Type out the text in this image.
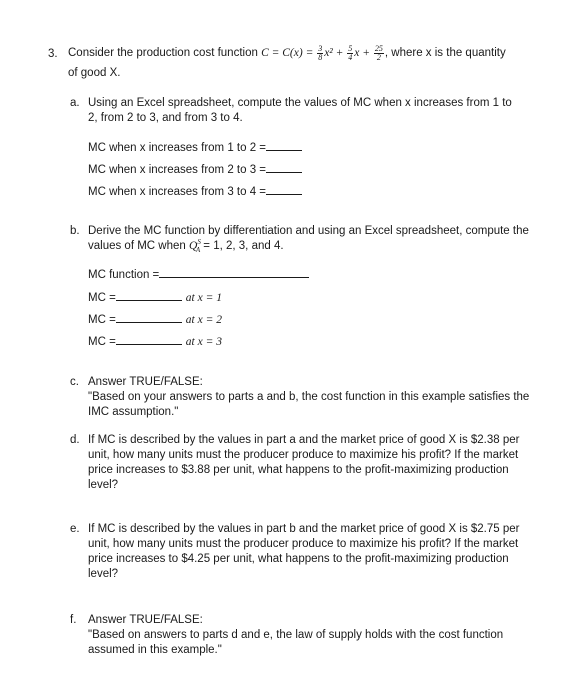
3. Consider the production cost function
$C = C(x) = \frac{3}{8} x^2 + \frac{5}{4}$ $x + \frac{25}{2}$ , where x is the quantity
of good X.
a. Using an Excel spreadsheet, compute the values of MC when x increases from 1 to 2, from 2 to 3, and from 3 to 4.
MC when x increases from 1 to 2 =
MC when x increases from 2 to 3 =
MC when x increases from 3 to 4 =
b. Derive the MC function by differentiation and using an Excel spreadsheet, compute the
values of MC when
$Q^S_A$
= 1, 2, 3, and 4.
MC function =
MC =	at x = 1
MC =	at x = 2
MC =	at x = 3
c. Answer TRUE/FALSE:
"Based on your answers to parts a and b, the cost function in this example satisfies the
IMC assumption."
d. If MC is described by the values in part a and the market price of good X is $2.38 per
unit, how many units must the producer produce to maximize his profit? If the market
price increases to $3.88 per unit, what happens to the profit-maximizing production
level?
e. If MC is described by the values in part b and the market price of good X is $2.75 per
unit, how many units must the producer produce to maximize his profit? If the market
price increases to $4.25 per unit, what happens to the profit-maximizing production
level?
f. Answer TRUE/FALSE:
"Based on answers to parts d and e, the law of supply holds with the cost function
assumed in this example."
